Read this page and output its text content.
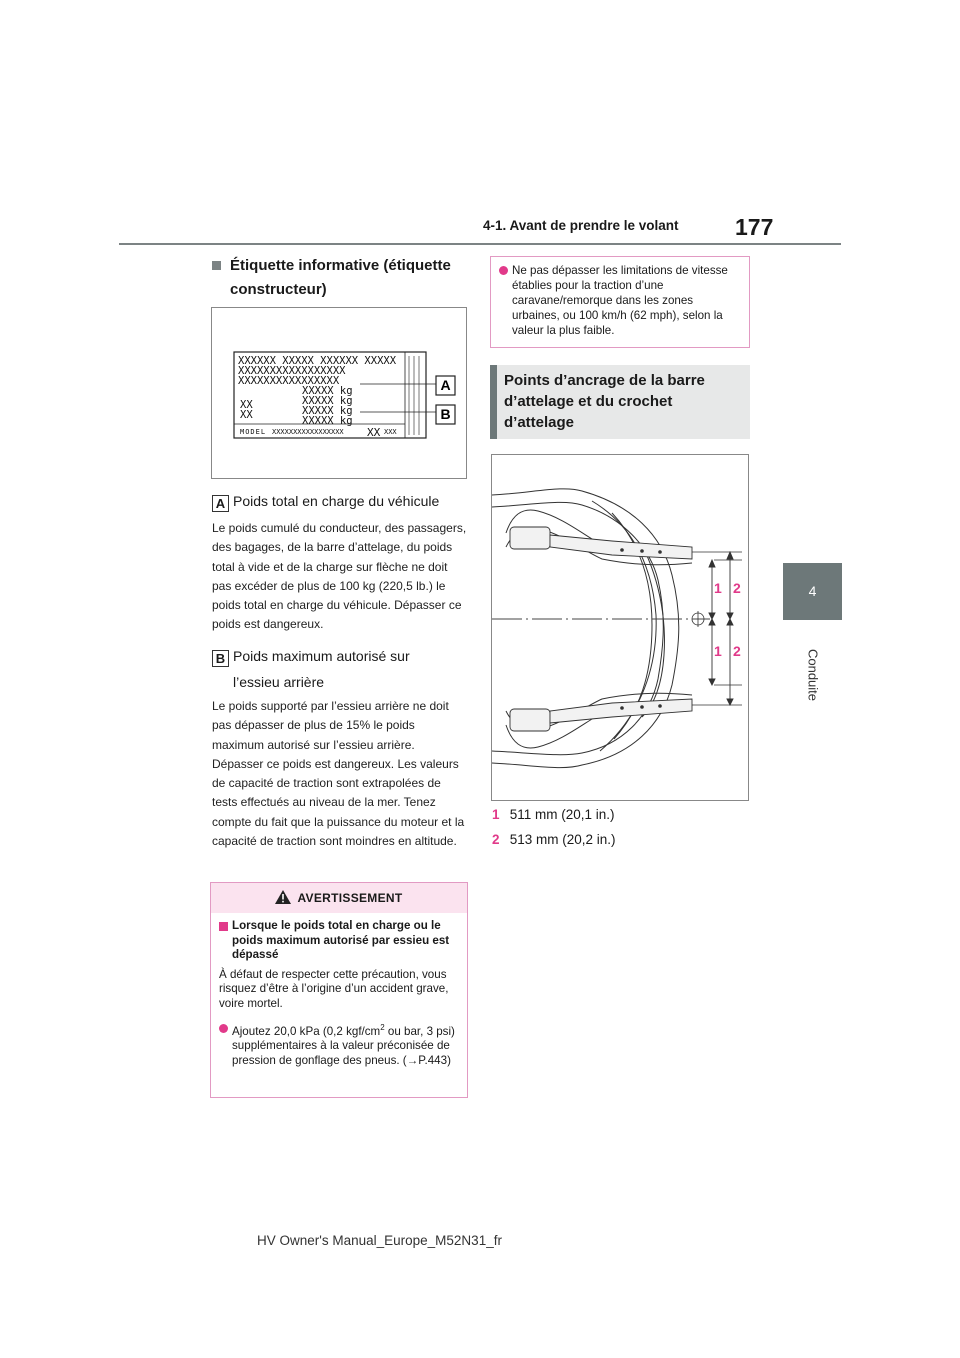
4-1. Avant de prendre le volant 177
4
Conduite
Étiquette informative (étiquette constructeur)
XXXXXX XXXXX XXXXXX XXXXX
XXXXXXXXXXXXXXXXX
XXXXXXXXXXXXXXXX
XXXXX kg
XXXXX kg
XXXXX kg
XXXXX kg
XX
XX
MODEL XXXXXXXXXXXXXXXXX XX XXX
A
B
A Poids total en charge du véhicule
Le poids cumulé du conducteur, des passagers, des bagages, de la barre d’attelage, du poids total à vide et de la charge sur flèche ne doit pas excéder de plus de 100 kg (220,5 lb.) le poids total en charge du véhicule. Dépasser ce poids est dangereux.
B Poids maximum autorisé sur
l’essieu arrière
Le poids supporté par l’essieu arrière ne doit pas dépasser de plus de 15% le poids maximum autorisé sur l’essieu arrière. Dépasser ce poids est dangereux. Les valeurs de capacité de traction sont extrapolées de tests effectués au niveau de la mer. Tenez compte du fait que la puissance du moteur et la capacité de traction sont moindres en altitude.
AVERTISSEMENT
Lorsque le poids total en charge ou le poids maximum autorisé par essieu est dépassé
À défaut de respecter cette précaution, vous risquez d’être à l’origine d’un accident grave, voire mortel.
Ajoutez 20,0 kPa (0,2 kgf/$cm^2$ ou bar, 3 psi) supplémentaires à la valeur préconisée de pression de gonflage des pneus. (→P.443)
Ne pas dépasser les limitations de vitesse établies pour la traction d’une caravane/remorque dans les zones urbaines, ou 100 km/h (62 mph), selon la valeur la plus faible.
Points d’ancrage de la barre d’attelage et du crochet d’attelage
1 2
1 2
1 511 mm (20,1 in.)
2 513 mm (20,2 in.)
HV Owner's Manual_Europe_M52N31_fr
